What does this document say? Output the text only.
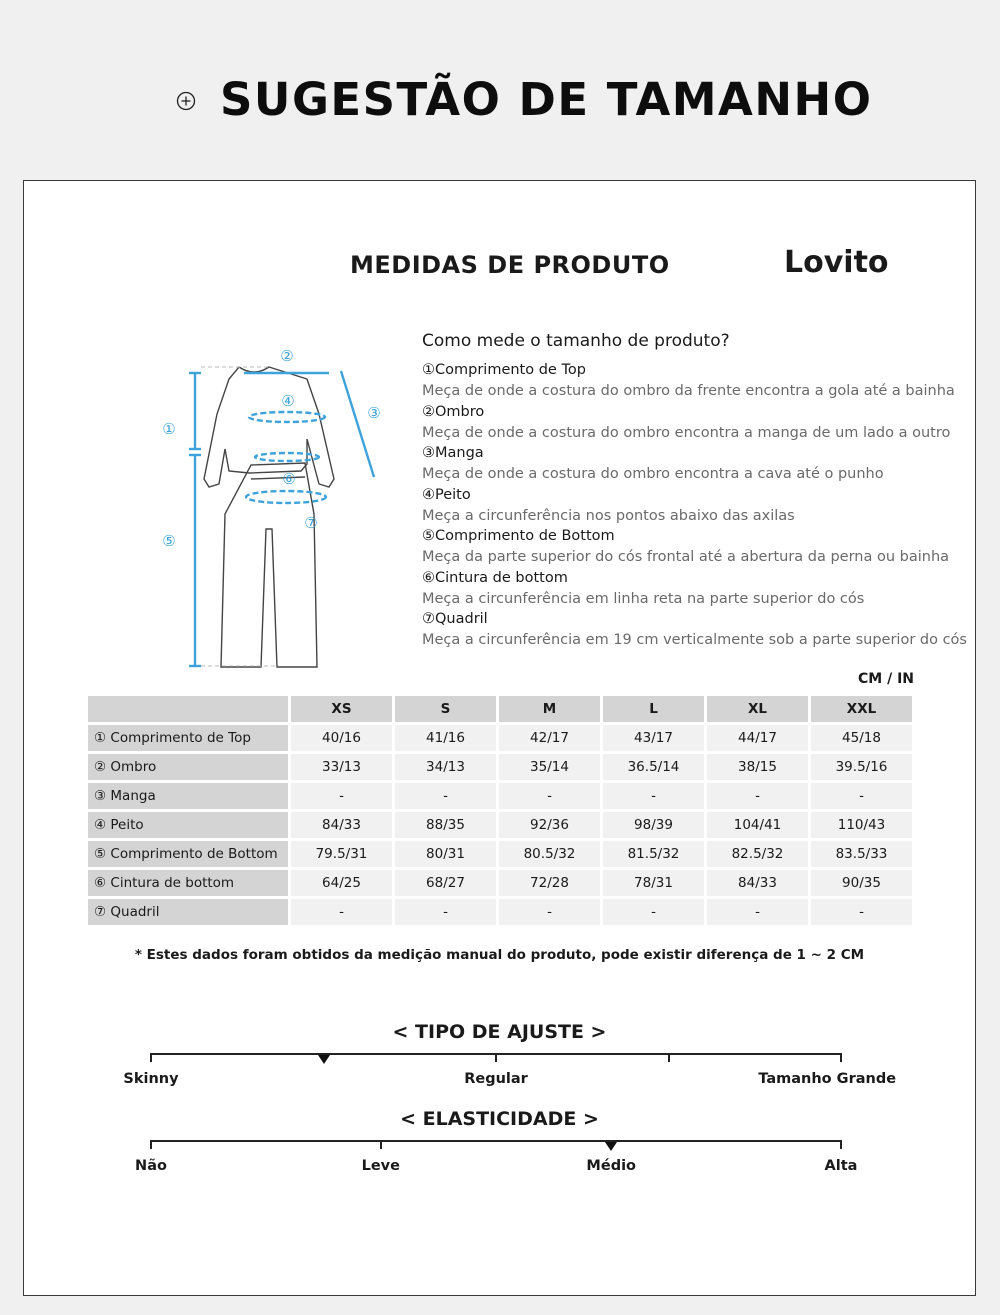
SUGESTÃO DE TAMANHO
MEDIDAS DE PRODUTO	Lovito
①
②
③
④
⑤
⑥
⑦
Como mede o tamanho de produto?
①Comprimento de Top
Meça de onde a costura do ombro da frente encontra a gola até a bainha
②Ombro
Meça de onde a costura do ombro encontra a manga de um lado a outro
③Manga
Meça de onde a costura do ombro encontra a cava até o punho
④Peito
Meça a circunferência nos pontos abaixo das axilas
⑤Comprimento de Bottom
Meça da parte superior do cós frontal até a abertura da perna ou bainha
⑥Cintura de bottom
Meça a circunferência em linha reta na parte superior do cós
⑦Quadril
Meça a circunferência em 19 cm verticalmente sob a parte superior do cós
CM / IN
	XS	S	M	L	XL	XXL
① Comprimento de Top	40/16	41/16	42/17	43/17	44/17	45/18
② Ombro	33/13	34/13	35/14	36.5/14	38/15	39.5/16
③ Manga	-	-	-	-	-	-
④ Peito	84/33	88/35	92/36	98/39	104/41	110/43
⑤ Comprimento de Bottom	79.5/31	80/31	80.5/32	81.5/32	82.5/32	83.5/33
⑥ Cintura de bottom	64/25	68/27	72/28	78/31	84/33	90/35
⑦ Quadril	-	-	-	-	-	-
* Estes dados foram obtidos da medição manual do produto, pode existir diferença de 1 ~ 2 CM
< TIPO DE AJUSTE >
< ELASTICIDADE >
Skinny	Regular	Tamanho Grande
Não	Leve	Médio	Alta
